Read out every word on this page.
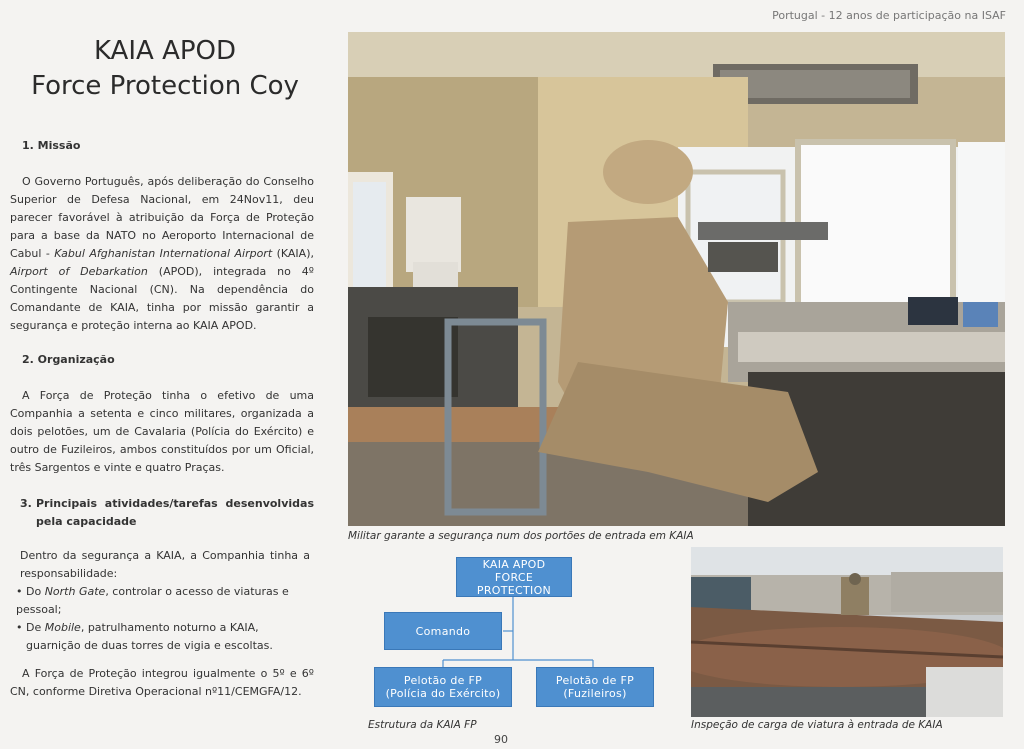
Portugal - 12 anos de participação na ISAF
KAIA APOD
Force Protection Coy
1. Missão

O Governo Português, após deliberação do Conselho Superior de Defesa Nacional, em 24Nov11, deu parecer favorável à atribuição da Força de Proteção para a base da NATO no Aeroporto Internacional de Cabul - Kabul Afghanistan International Airport (KAIA), Airport of Debarkation (APOD), integrada no 4º Contingente Nacional (CN). Na dependência do Comandante de KAIA, tinha por missão garantir a segurança e proteção interna ao KAIA APOD.

2. Organização

A Força de Proteção tinha o efetivo de uma Companhia a setenta e cinco militares, organizada a dois pelotões, um de Cavalaria (Polícia do Exército) e outro de Fuzileiros, ambos constituídos por um Oficial, três Sargentos e vinte e quatro Praças.

3. Principais atividades/tarefas desenvolvidas pela capacidade

Dentro da segurança a KAIA, a Companhia tinha a responsabilidade:

• Do North Gate, controlar o acesso de viaturas e pessoal;
• De Mobile, patrulhamento noturno a KAIA, guarnição de duas torres de vigia e escoltas.

A Força de Proteção integrou igualmente o 5º e 6º CN, conforme Diretiva Operacional nº11/CEMGFA/12.

Militar garante a segurança num dos portões de entrada em KAIA
KAIA APOD
FORCE
PROTECTION
Comando
Pelotão de FP
(Polícia do Exército)
Pelotão de FP
(Fuzileiros)
Estrutura da KAIA FP	Inspeção de carga de viatura à entrada de KAIA
90
